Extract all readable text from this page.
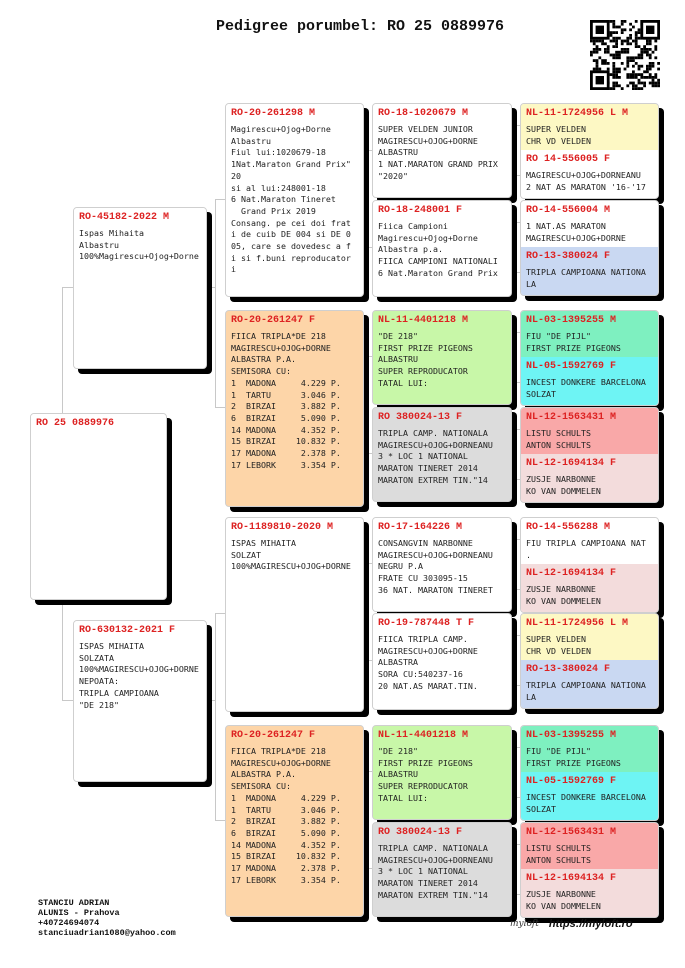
Pedigree porumbel: RO 25 0889976
RO 25 0889976
RO-45182-2022 M
Ispas Mihaita
Albastru
100%Magirescu+Ojog+Dorne
RO-630132-2021 F
ISPAS MIHAITA
SOLZATA
100%MAGIRESCU+OJOG+DORNE
NEPOATA:
TRIPLA CAMPIOANA
"DE 218"
RO-20-261298 M
Magirescu+Ojog+Dorne
Albastru
Fiul lui:1020679-18
1Nat.Maraton Grand Prix"
20
si al lui:248001-18
6 Nat.Maraton Tineret
Grand Prix 2019
Consang. pe cei doi frat
i de cuib DE 004 si DE 0
05, care se dovedesc a f
i si f.buni reproducator
i
RO-20-261247 F
FIICA TRIPLA*DE 218
MAGIRESCU+OJOG+DORNE
ALBASTRA P.A.
SEMISORA CU:
1  MADONA     4.229 P.
1  TARTU      3.046 P.
2  BIRZAI     3.882 P.
6  BIRZAI     5.090 P.
14 MADONA     4.352 P.
15 BIRZAI    10.832 P.
17 MADONA     2.378 P.
17 LEBORK     3.354 P.
RO-1189810-2020 M
ISPAS MIHAITA
SOLZAT
100%MAGIRESCU+OJOG+DORNE
RO-20-261247 F
FIICA TRIPLA*DE 218
MAGIRESCU+OJOG+DORNE
ALBASTRA P.A.
SEMISORA CU:
1  MADONA     4.229 P.
1  TARTU      3.046 P.
2  BIRZAI     3.882 P.
6  BIRZAI     5.090 P.
14 MADONA     4.352 P.
15 BIRZAI    10.832 P.
17 MADONA     2.378 P.
17 LEBORK     3.354 P.
RO-18-1020679 M
SUPER VELDEN JUNIOR
MAGIRESCU+OJOG+DORNE
ALBASTRU
1 NAT.MARATON GRAND PRIX
"2020"
RO-18-248001 F
Fiica Campioni
Magirescu+Ojog+Dorne
Albastra p.a.
FIICA CAMPIONI NATIONALI
6 Nat.Maraton Grand Prix
NL-11-4401218 M
"DE 218"
FIRST PRIZE PIGEONS
ALBASTRU
SUPER REPRODUCATOR
TATAL LUI:
RO 380024-13 F
TRIPLA CAMP. NATIONALA
MAGIRESCU+OJOG+DORNEANU
3 * LOC 1 NATIONAL
MARATON TINERET 2014
MARATON EXTREM TIN."14
RO-17-164226 M
CONSANGVIN NARBONNE
MAGIRESCU+OJOG+DORNEANU
NEGRU P.A
FRATE CU 303095-15
36 NAT. MARATON TINERET
RO-19-787448 T F
FIICA TRIPLA CAMP.
MAGIRESCU+OJOG+DORNE
ALBASTRA
SORA CU:540237-16
20 NAT.AS MARAT.TIN.
NL-11-4401218 M
"DE 218"
FIRST PRIZE PIGEONS
ALBASTRU
SUPER REPRODUCATOR
TATAL LUI:
RO 380024-13 F
TRIPLA CAMP. NATIONALA
MAGIRESCU+OJOG+DORNEANU
3 * LOC 1 NATIONAL
MARATON TINERET 2014
MARATON EXTREM TIN."14
NL-11-1724956 L M
SUPER VELDEN
CHR VD VELDEN
RO 14-556005 F
MAGIRESCU+OJOG+DORNEANU
2 NAT AS MARATON '16-'17
RO-14-556004 M
1 NAT.AS MARATON
MAGIRESCU+OJOG+DORNE
RO-13-380024 F
TRIPLA CAMPIOANA NATIONA
LA
NL-03-1395255 M
FIU "DE PIJL"
FIRST PRIZE PIGEONS
NL-05-1592769 F
INCEST DONKERE BARCELONA
SOLZAT
NL-12-1563431 M
LISTU SCHULTS
ANTON SCHULTS
NL-12-1694134 F
ZUSJE NARBONNE
KO VAN DOMMELEN
RO-14-556288 M
FIU TRIPLA CAMPIOANA NAT
.
NL-12-1694134 F
ZUSJE NARBONNE
KO VAN DOMMELEN
NL-11-1724956 L M
SUPER VELDEN
CHR VD VELDEN
RO-13-380024 F
TRIPLA CAMPIOANA NATIONA
LA
NL-03-1395255 M
FIU "DE PIJL"
FIRST PRIZE PIGEONS
NL-05-1592769 F
INCEST DONKERE BARCELONA
SOLZAT
NL-12-1563431 M
LISTU SCHULTS
ANTON SCHULTS
NL-12-1694134 F
ZUSJE NARBONNE
KO VAN DOMMELEN
STANCIU ADRIAN
ALUNIS - Prahova
+40724694074
stanciuadrian1080@yahoo.com
myloft https://myloft.ro
